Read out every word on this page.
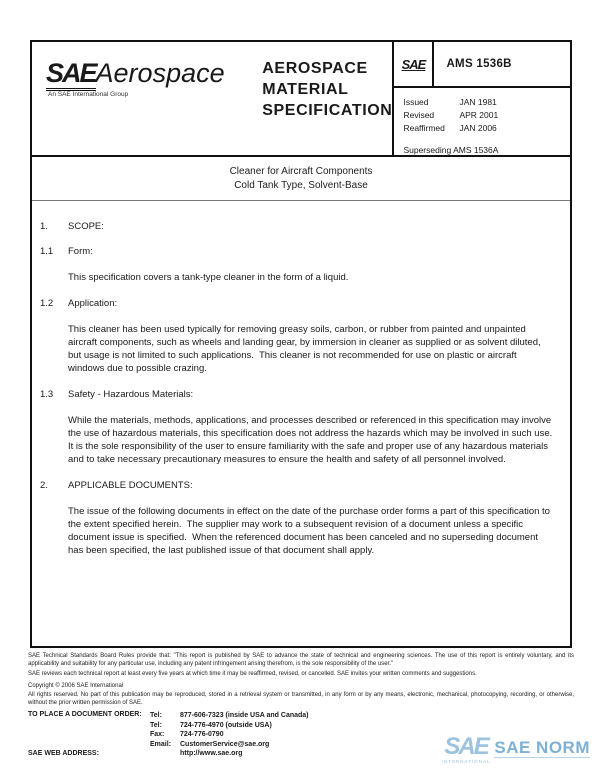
SAEAerospace
An SAE International Group
AEROSPACE
MATERIAL
SPECIFICATION
SAE	AMS 1536B
Issued	JAN 1981
Revised	APR 2001
Reaffirmed	JAN 2006
Superseding AMS 1536A
Cleaner for Aircraft Components
Cold Tank Type, Solvent-Base
1.	SCOPE:
1.1	Form:
This specification covers a tank-type cleaner in the form of a liquid.
1.2	Application:
This cleaner has been used typically for removing greasy soils, carbon, or rubber from painted and unpainted aircraft components, such as wheels and landing gear, by immersion in cleaner as supplied or as solvent diluted, but usage is not limited to such applications.  This cleaner is not recommended for use on plastic or aircraft windows due to possible crazing.
1.3	Safety - Hazardous Materials:
While the materials, methods, applications, and processes described or referenced in this specification may involve the use of hazardous materials, this specification does not address the hazards which may be involved in such use.  It is the sole responsibility of the user to ensure familiarity with the safe and proper use of any hazardous materials and to take necessary precautionary measures to ensure the health and safety of all personnel involved.
2.	APPLICABLE DOCUMENTS:
The issue of the following documents in effect on the date of the purchase order forms a part of this specification to the extent specified herein.  The supplier may work to a subsequent revision of a document unless a specific document issue is specified.  When the referenced document has been canceled and no superseding document has been specified, the last published issue of that document shall apply.
SAE Technical Standards Board Rules provide that: "This report is published by SAE to advance the state of technical and engineering sciences. The use of this report is entirely voluntary, and its applicability and suitability for any particular use, including any patent infringement arising therefrom, is the sole responsibility of the user."
SAE reviews each technical report at least every five years at which time it may be reaffirmed, revised, or cancelled. SAE invites your written comments and suggestions.
Copyright © 2006 SAE International
All rights reserved. No part of this publication may be reproduced, stored in a retrieval system or transmitted, in any form or by any means, electronic, mechanical, photocopying, recording, or otherwise, without the prior written permission of SAE.
TO PLACE A DOCUMENT ORDER:	Tel:	877-606-7323 (inside USA and Canada)
Tel:	724-776-4970 (outside USA)
Fax:	724-776-0790
Email:	CustomerService@sae.org
SAE WEB ADDRESS:	http://www.sae.org	SAE
INTERNATIONAL
SAE NORM
